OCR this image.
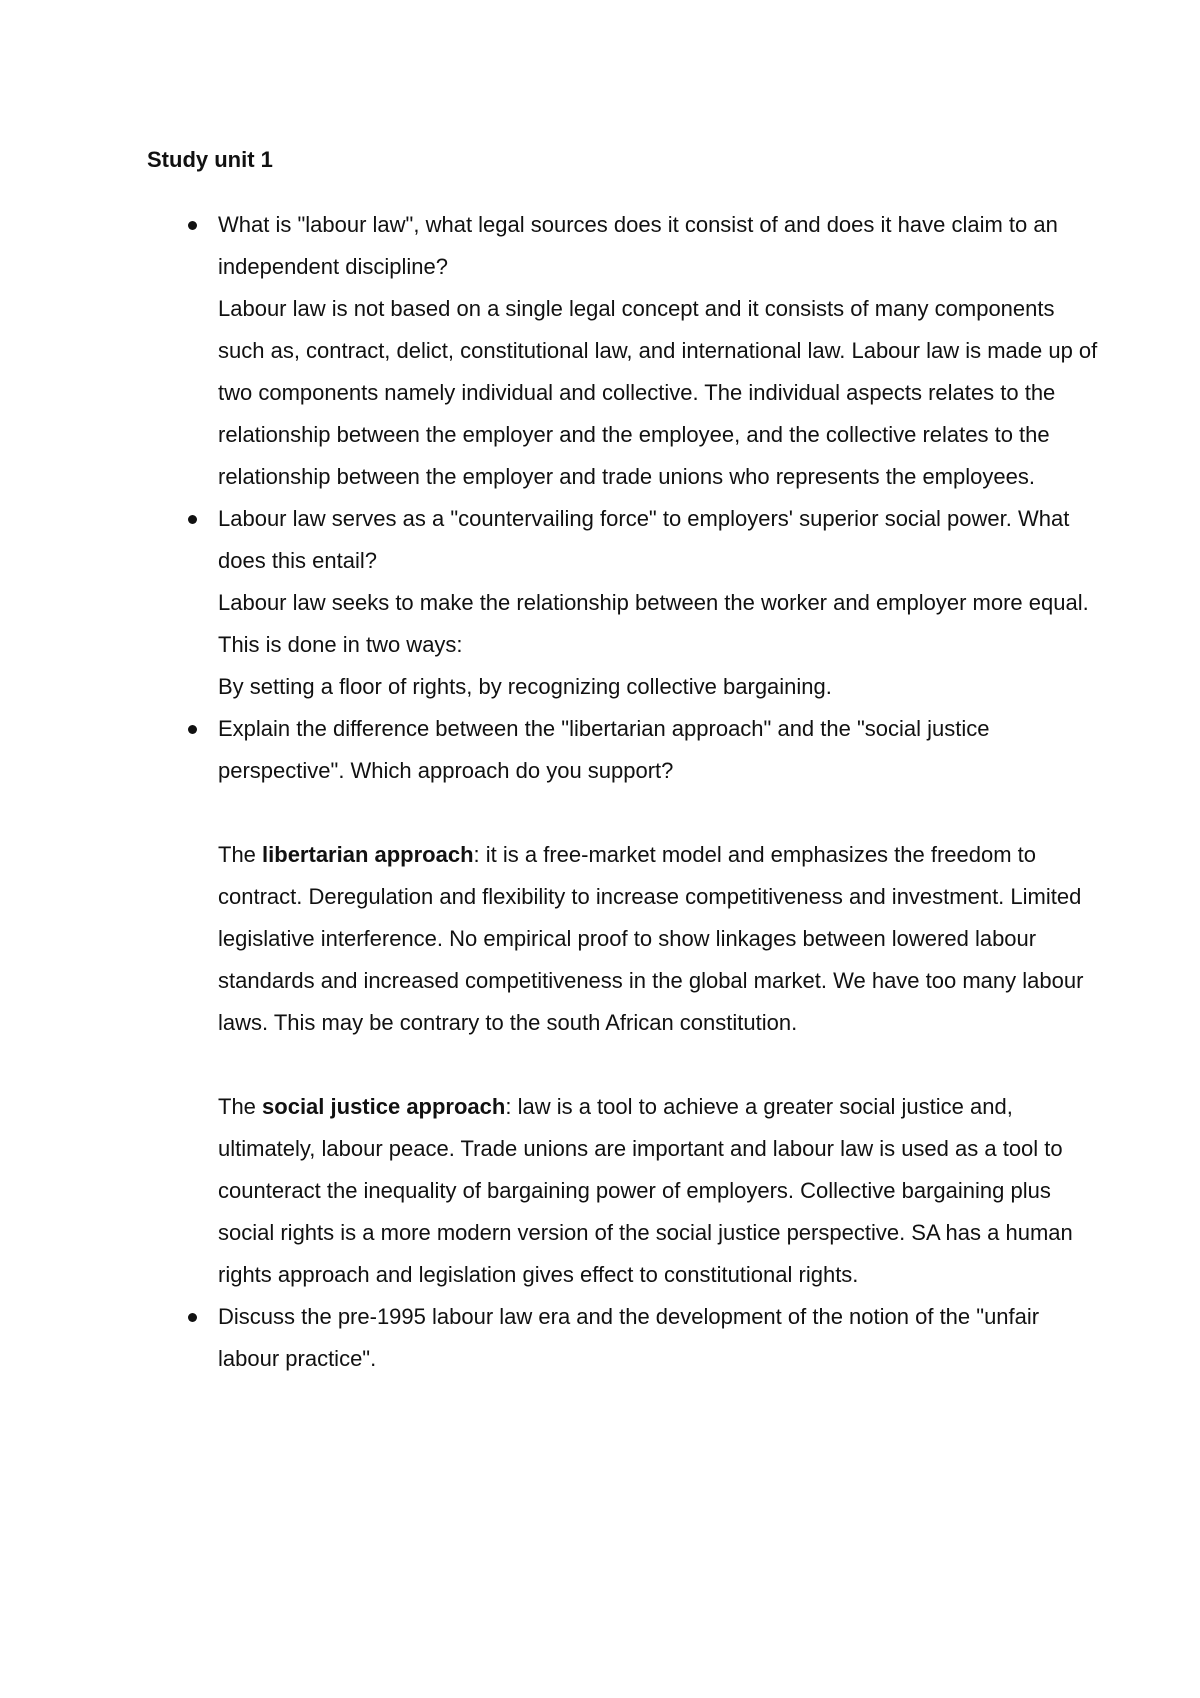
Study unit 1

What is "labour law", what legal sources does it consist of and does it have claim to an independent discipline?
Labour law is not based on a single legal concept and it consists of many components such as, contract, delict, constitutional law, and international law. Labour law is made up of two components namely individual and collective. The individual aspects relates to the relationship between the employer and the employee, and the collective relates to the relationship between the employer and trade unions who represents the employees.
Labour law serves as a "countervailing force" to employers' superior social power. What does this entail?
Labour law seeks to make the relationship between the worker and employer more equal. This is done in two ways:
By setting a floor of rights, by recognizing collective bargaining.
Explain the difference between the "libertarian approach" and the "social justice perspective". Which approach do you support?
The libertarian approach: it is a free-market model and emphasizes the freedom to contract. Deregulation and flexibility to increase competitiveness and investment. Limited legislative interference. No empirical proof to show linkages between lowered labour standards and increased competitiveness in the global market. We have too many labour laws. This may be contrary to the south African constitution.
The social justice approach: law is a tool to achieve a greater social justice and, ultimately, labour peace. Trade unions are important and labour law is used as a tool to counteract the inequality of bargaining power of employers. Collective bargaining plus social rights is a more modern version of the social justice perspective. SA has a human rights approach and legislation gives effect to constitutional rights.
Discuss the pre-1995 labour law era and the development of the notion of the "unfair labour practice".
